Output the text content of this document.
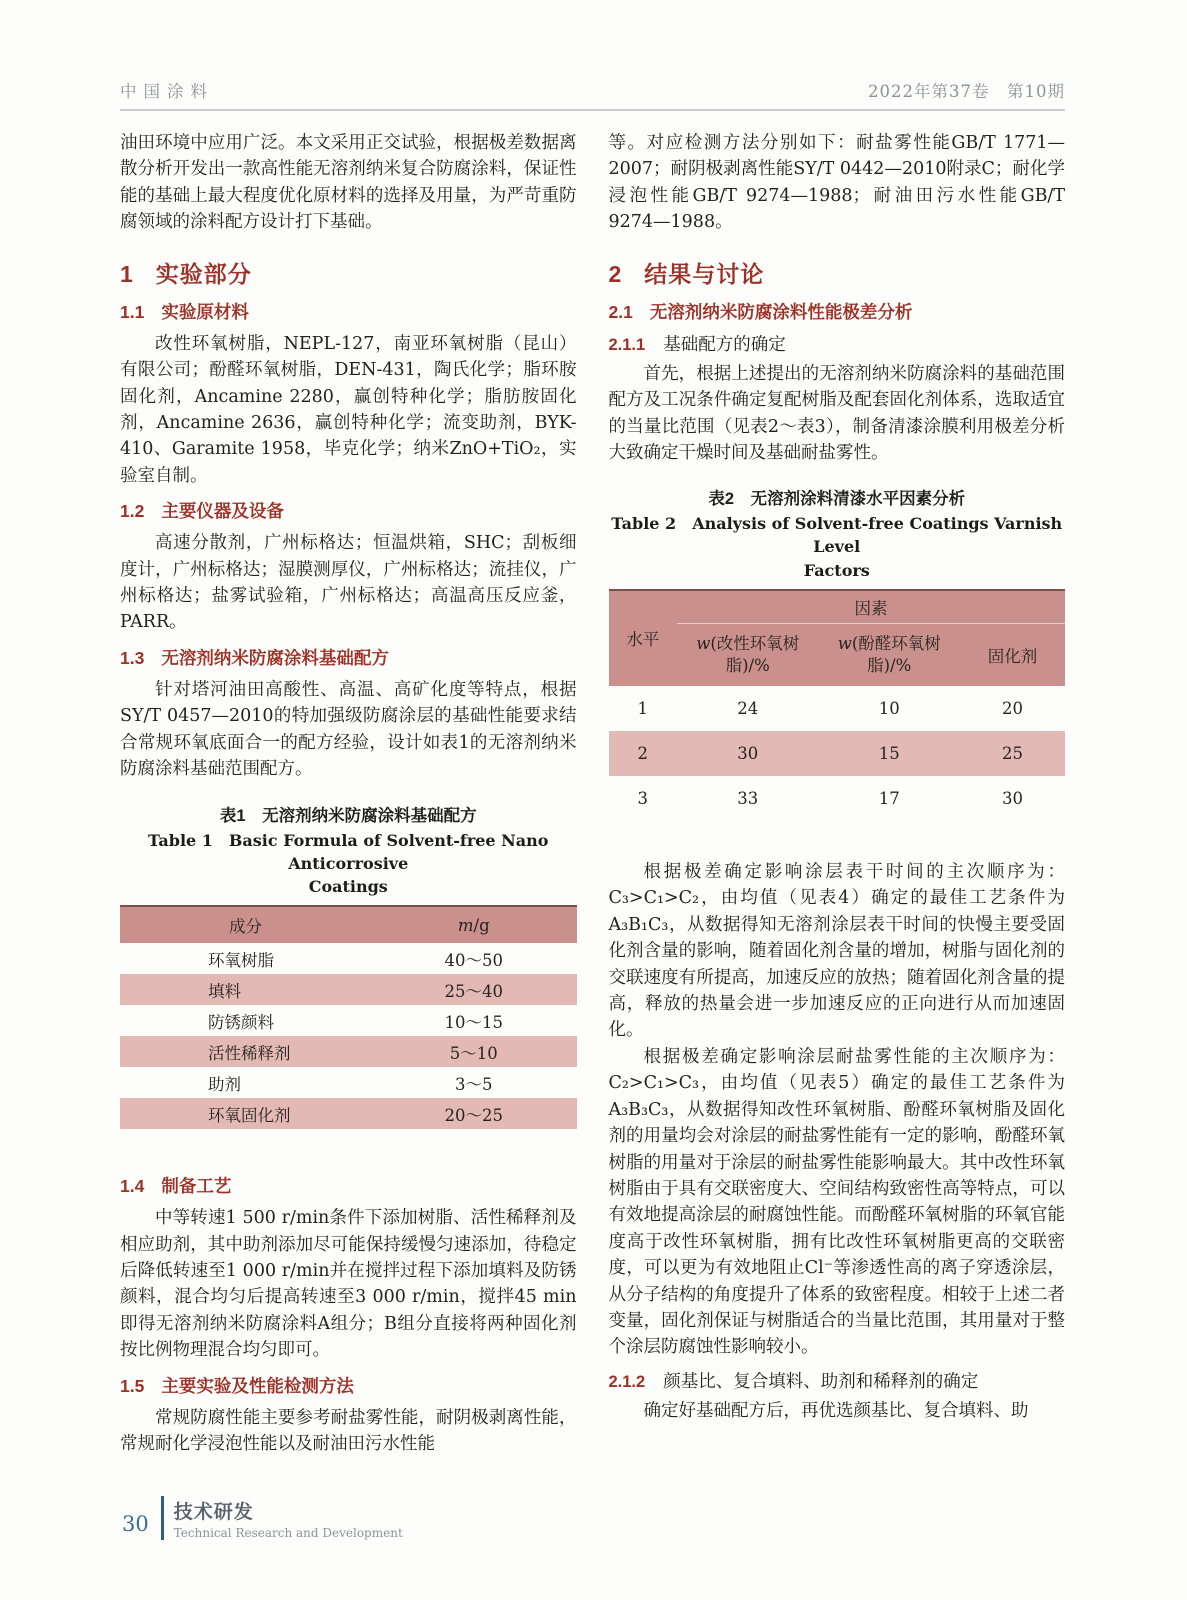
中国涂料	2022年第37卷　第10期

油田环境中应用广泛。本文采用正交试验，根据极差数据离散分析开发出一款高性能无溶剂纳米复合防腐涂料，保证性能的基础上最大程度优化原材料的选择及用量，为严苛重防腐领域的涂料配方设计打下基础。

1 实验部分
1.1 实验原材料

改性环氧树脂，NEPL-127，南亚环氧树脂（昆山）有限公司；酚醛环氧树脂，DEN-431，陶氏化学；脂环胺固化剂，Ancamine 2280，赢创特种化学；脂肪胺固化剂，Ancamine 2636，赢创特种化学；流变助剂，BYK-410、Garamite 1958，毕克化学；纳米ZnO+TiO₂，实验室自制。

1.2 主要仪器及设备

高速分散剂，广州标格达；恒温烘箱，SHC；刮板细度计，广州标格达；湿膜测厚仪，广州标格达；流挂仪，广州标格达；盐雾试验箱，广州标格达；高温高压反应釜，PARR。

1.3 无溶剂纳米防腐涂料基础配方

针对塔河油田高酸性、高温、高矿化度等特点，根据SY/T 0457—2010的特加强级防腐涂层的基础性能要求结合常规环氧底面合一的配方经验，设计如表1的无溶剂纳米防腐涂料基础范围配方。

表1　无溶剂纳米防腐涂料基础配方
Table 1　Basic Formula of Solvent-free Nano Anticorrosive
Coatings
成分	m/g
环氧树脂	40～50
填料	25～40
防锈颜料	10～15
活性稀释剂	5～10
助剂	3～5
环氧固化剂	20～25
1.4 制备工艺

中等转速1 500 r/min条件下添加树脂、活性稀释剂及相应助剂，其中助剂添加尽可能保持缓慢匀速添加，待稳定后降低转速至1 000 r/min并在搅拌过程下添加填料及防锈颜料，混合均匀后提高转速至3 000 r/min，搅拌45 min即得无溶剂纳米防腐涂料A组分；B组分直接将两种固化剂按比例物理混合均匀即可。

1.5 主要实验及性能检测方法

常规防腐性能主要参考耐盐雾性能，耐阴极剥离性能，常规耐化学浸泡性能以及耐油田污水性能

等。对应检测方法分别如下：耐盐雾性能GB/T 1771—2007；耐阴极剥离性能SY/T 0442—2010附录C；耐化学浸泡性能GB/T 9274—1988；耐油田污水性能GB/T 9274—1988。

2 结果与讨论
2.1 无溶剂纳米防腐涂料性能极差分析
2.1.1 基础配方的确定

首先，根据上述提出的无溶剂纳米防腐涂料的基础范围配方及工况条件确定复配树脂及配套固化剂体系，选取适宜的当量比范围（见表2～表3），制备清漆涂膜利用极差分析大致确定干燥时间及基础耐盐雾性。

表2　无溶剂涂料清漆水平因素分析
Table 2　Analysis of Solvent-free Coatings Varnish Level
Factors
水平	因素		
	w(改性环氧树脂)/%	w(酚醛环氧树脂)/%	固化剂
1	24	10	20
2	30	15	25
3	33	17	30

根据极差确定影响涂层表干时间的主次顺序为：C₃>C₁>C₂，由均值（见表4）确定的最佳工艺条件为A₃B₁C₃，从数据得知无溶剂涂层表干时间的快慢主要受固化剂含量的影响，随着固化剂含量的增加，树脂与固化剂的交联速度有所提高，加速反应的放热；随着固化剂含量的提高，释放的热量会进一步加速反应的正向进行从而加速固化。

根据极差确定影响涂层耐盐雾性能的主次顺序为：C₂>C₁>C₃，由均值（见表5）确定的最佳工艺条件为A₃B₃C₃，从数据得知改性环氧树脂、酚醛环氧树脂及固化剂的用量均会对涂层的耐盐雾性能有一定的影响，酚醛环氧树脂的用量对于涂层的耐盐雾性能影响最大。其中改性环氧树脂由于具有交联密度大、空间结构致密性高等特点，可以有效地提高涂层的耐腐蚀性能。而酚醛环氧树脂的环氧官能度高于改性环氧树脂，拥有比改性环氧树脂更高的交联密度，可以更为有效地阻止Cl⁻等渗透性高的离子穿透涂层，从分子结构的角度提升了体系的致密程度。相较于上述二者变量，固化剂保证与树脂适合的当量比范围，其用量对于整个涂层防腐蚀性影响较小。

2.1.2 颜基比、复合填料、助剂和稀释剂的确定

确定好基础配方后，再优选颜基比、复合填料、助

30 技术研发
Technical Research and Development
